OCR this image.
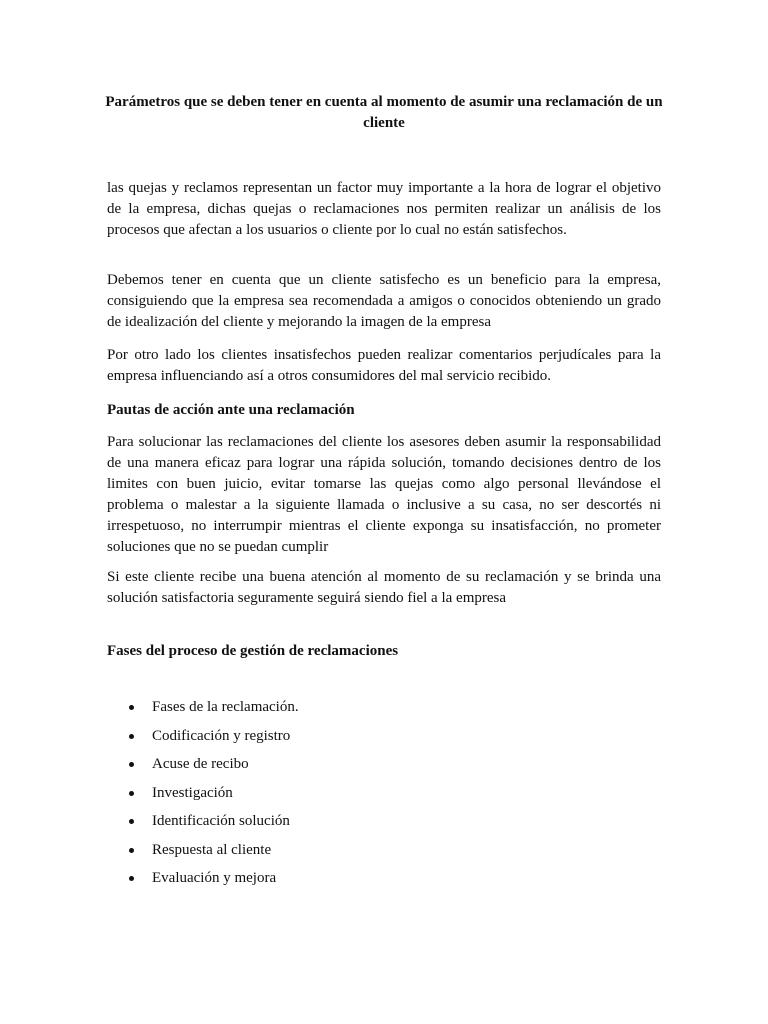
Parámetros que se deben tener en cuenta al momento de asumir una reclamación de un cliente
las quejas y reclamos representan un factor muy importante a la hora de lograr el objetivo de la empresa, dichas quejas o reclamaciones nos permiten realizar un análisis de los procesos que afectan a los usuarios o cliente por lo cual no están satisfechos.
Debemos tener en cuenta que un cliente satisfecho es un beneficio para la empresa, consiguiendo que la empresa sea recomendada a amigos o conocidos obteniendo un grado de idealización del cliente y mejorando la imagen de la empresa
Por otro lado los clientes insatisfechos pueden realizar comentarios perjudícales para la empresa influenciando así a otros consumidores del mal servicio recibido.
Pautas de acción ante una reclamación
Para solucionar las reclamaciones del cliente los asesores deben asumir la responsabilidad de una manera eficaz para lograr una rápida solución, tomando decisiones dentro de los limites con buen juicio, evitar tomarse las quejas como algo personal llevándose el problema o malestar a la siguiente llamada o inclusive a su casa, no ser descortés ni irrespetuoso, no interrumpir mientras el cliente exponga su insatisfacción, no prometer soluciones que no se puedan cumplir
Si este cliente recibe una buena atención al momento de su reclamación y se brinda una solución satisfactoria seguramente seguirá siendo fiel a la empresa
Fases del proceso de gestión de reclamaciones
Fases de la reclamación.
Codificación y registro
Acuse de recibo
Investigación
Identificación solución
Respuesta al cliente
Evaluación y mejora
